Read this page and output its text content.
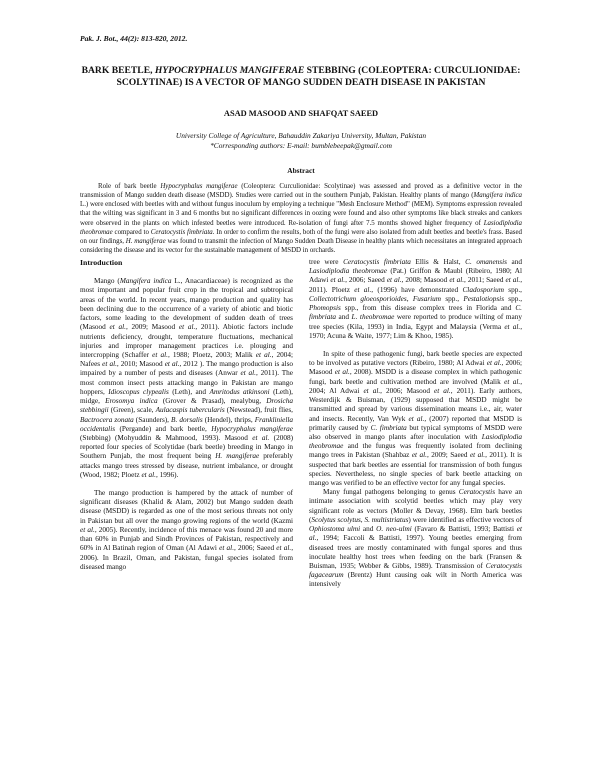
Pak. J. Bot., 44(2): 813-820, 2012.
BARK BEETLE, HYPOCRYPHALUS MANGIFERAE STEBBING (COLEOPTERA: CURCULIONIDAE: SCOLYTINAE) IS A VECTOR OF MANGO SUDDEN DEATH DISEASE IN PAKISTAN
ASAD MASOOD AND SHAFQAT SAEED
University College of Agriculture, Bahauddin Zakariya University, Multan, Pakistan
*Corresponding authors: E-mail: bumblebeepak@gmail.com
Abstract
Role of bark beetle Hypocryphalus mangiferae (Coleoptera: Curculionidae: Scolytinae) was assessed and proved as a definitive vector in the transmission of Mango sudden death disease (MSDD). Studies were carried out in the southern Punjab, Pakistan. Healthy plants of mango (Mangifera indica L.) were enclosed with beetles with and without fungus inoculum by employing a technique "Mesh Enclosure Method" (MEM). Symptoms expression revealed that the wilting was significant in 3 and 6 months but no significant differences in oozing were found and also other symptoms like black streaks and cankers were observed in the plants on which infested beetles were introduced. Re-isolation of fungi after 7.5 months showed higher frequency of Lasiodiplodia theobromae compared to Ceratocystis fimbriata. In order to confirm the results, both of the fungi were also isolated from adult beetles and beetle's frass. Based on our findings, H. mangiferae was found to transmit the infection of Mango Sudden Death Disease in healthy plants which necessitates an integrated approach considering the disease and its vector for the sustainable management of MSDD in orchards.
Introduction

Mango (Mangifera indica L., Anacardiaceae) is recognized as the most important and popular fruit crop in the tropical and subtropical areas of the world. In recent years, mango production and quality has been declining due to the occurrence of a variety of abiotic and biotic factors, some leading to the development of sudden death of trees (Masood et al., 2009; Masood et al., 2011). Abiotic factors include nutrients deficiency, drought, temperature fluctuations, mechanical injuries and improper management practices i.e. plouging and intercropping (Schaffer et al., 1988; Ploetz, 2003; Malik et al., 2004; Nafees et al., 2010; Masood et al., 2012 ). The mango production is also impaired by a number of pests and diseases (Anwar et al., 2011). The most common insect pests attacking mango in Pakistan are mango hoppers, Idioscopus clypealis (Leth), and Amritodus atkinsoni (Leth), midge, Erosomya indica (Grover & Prasad), mealybug, Drosicha stebbingii (Green), scale, Aulacaspis tubercularis (Newstead), fruit flies, Bactrocera zonata (Saunders), B. dorsalis (Hendel), thrips, Frankliniella occidentalis (Pergande) and bark beetle, Hypocryphalus mangiferae (Stebbing) (Mohyuddin & Mahmood, 1993). Masood et al. (2008) reported four species of Scolytidae (bark beetle) breeding in Mango in Southern Punjab, the most frequent being H. mangiferae preferably attacks mango trees stressed by disease, nutrient imbalance, or drought (Wood, 1982; Ploetz et al., 1996).

The mango production is hampered by the attack of number of significant diseases (Khalid & Alam, 2002) but Mango sudden death disease (MSDD) is regarded as one of the most serious threats not only in Pakistan but all over the mango growing regions of the world (Kazmi et al., 2005). Recently, incidence of this menace was found 20 and more than 60% in Punjab and Sindh Provinces of Pakistan, respectively and 60% in Al Batinah region of Oman (Al Adawi et al., 2006; Saeed et al., 2006). In Brazil, Oman, and Pakistan, fungal species isolated from diseased mango

tree were Ceratocystis fimbriata Ellis & Halst, C. omanensis and Lasiodiplodia theobromae (Pat.) Griffon & Maubl (Ribeiro, 1980; Al Adawi et al., 2006; Saeed et al., 2008; Masood et al., 2011; Saeed et al., 2011). Ploetz et al., (1996) have demonstrated Cladosporium spp., Collectotrichum gloeosporioides, Fusarium spp., Pestalotiopsis spp., Phomopsis spp., from this disease complex trees in Florida and C. fimbriata and L. theobromae were reported to produce wilting of many tree species (Kila, 1993) in India, Egypt and Malaysia (Verma et al., 1970; Acuna & Waite, 1977; Lim & Khoo, 1985).

In spite of these pathogenic fungi, bark beetle species are expected to be involved as putative vectors (Ribeiro, 1980; Al Adwai et al., 2006; Masood et al., 2008). MSDD is a disease complex in which pathogenic fungi, bark beetle and cultivation method are involved (Malik et al., 2004; Al Adwai et al., 2006; Masood et al., 2011). Early authors, Westerdijk & Buisman, (1929) supposed that MSDD might be transmitted and spread by various dissemination means i.e., air, water and insects. Recently, Van Wyk et al., (2007) reported that MSDD is primarily caused by C. fimbriata but typical symptoms of MSDD were also observed in mango plants after inoculation with Lasiodiplodia theobromae and the fungus was frequently isolated from declining mango trees in Pakistan (Shahbaz et al., 2009; Saeed et al., 2011). It is suspected that bark beetles are essential for transmission of both fungus species. Nevertheless, no single species of bark beetle attacking on mango was verified to be an effective vector for any fungal species.

Many fungal pathogens belonging to genus Ceratocystis have an intimate association with scolytid beetles which may play very significant role as vectors (Moller & Devay, 1968). Elm bark beetles (Scolytus scolytus, S. multistriatus) were identified as effective vectors of Ophiostoma ulmi and O. neo-ulmi (Favaro & Battisti, 1993; Battisti et al., 1994; Faccoli & Battisti, 1997). Young beetles emerging from diseased trees are mostly contaminated with fungal spores and thus inoculate healthy host trees when feeding on the bark (Fransen & Buisman, 1935; Webber & Gibbs, 1989). Transmission of Ceratocystis fagacearum (Brentz) Hunt causing oak wilt in North America was intensively
